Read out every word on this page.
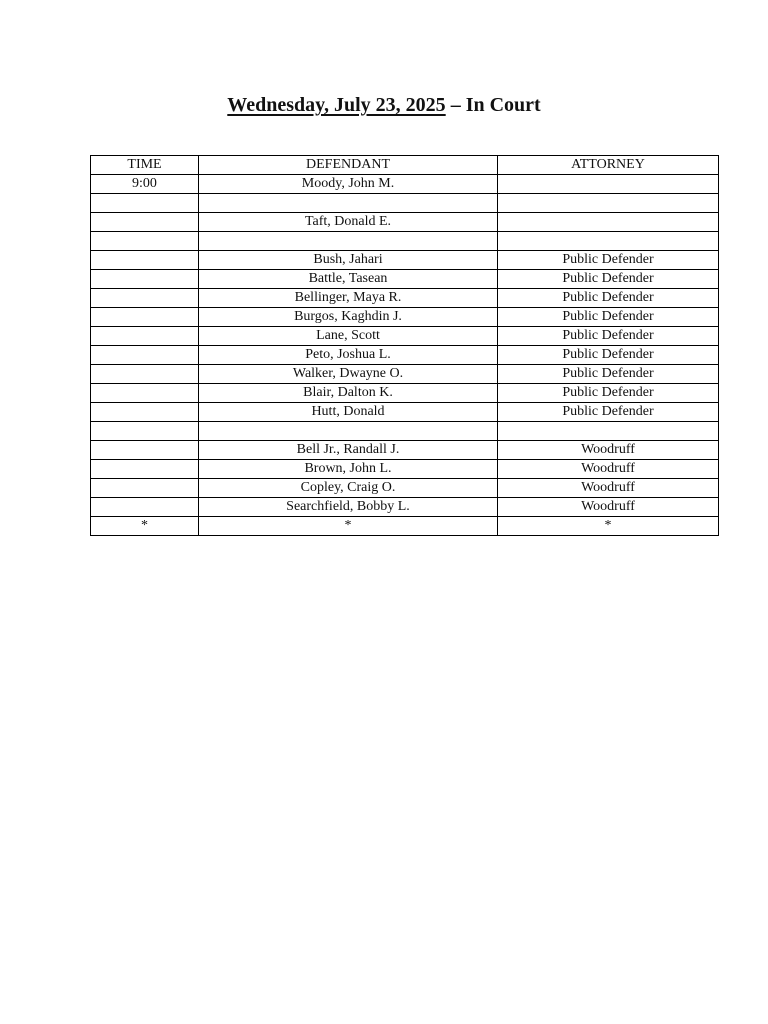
Wednesday, July 23, 2025 – In Court
TIME	DEFENDANT	ATTORNEY
9:00	Moody, John M.	

	Taft, Donald E.	

	Bush, Jahari	Public Defender
	Battle, Tasean	Public Defender
	Bellinger, Maya R.	Public Defender
	Burgos, Kaghdin J.	Public Defender
	Lane, Scott	Public Defender
	Peto, Joshua L.	Public Defender
	Walker, Dwayne O.	Public Defender
	Blair, Dalton K.	Public Defender
	Hutt, Donald	Public Defender

	Bell Jr., Randall J.	Woodruff
	Brown, John L.	Woodruff
	Copley, Craig O.	Woodruff
	Searchfield, Bobby L.	Woodruff
*	*	*
